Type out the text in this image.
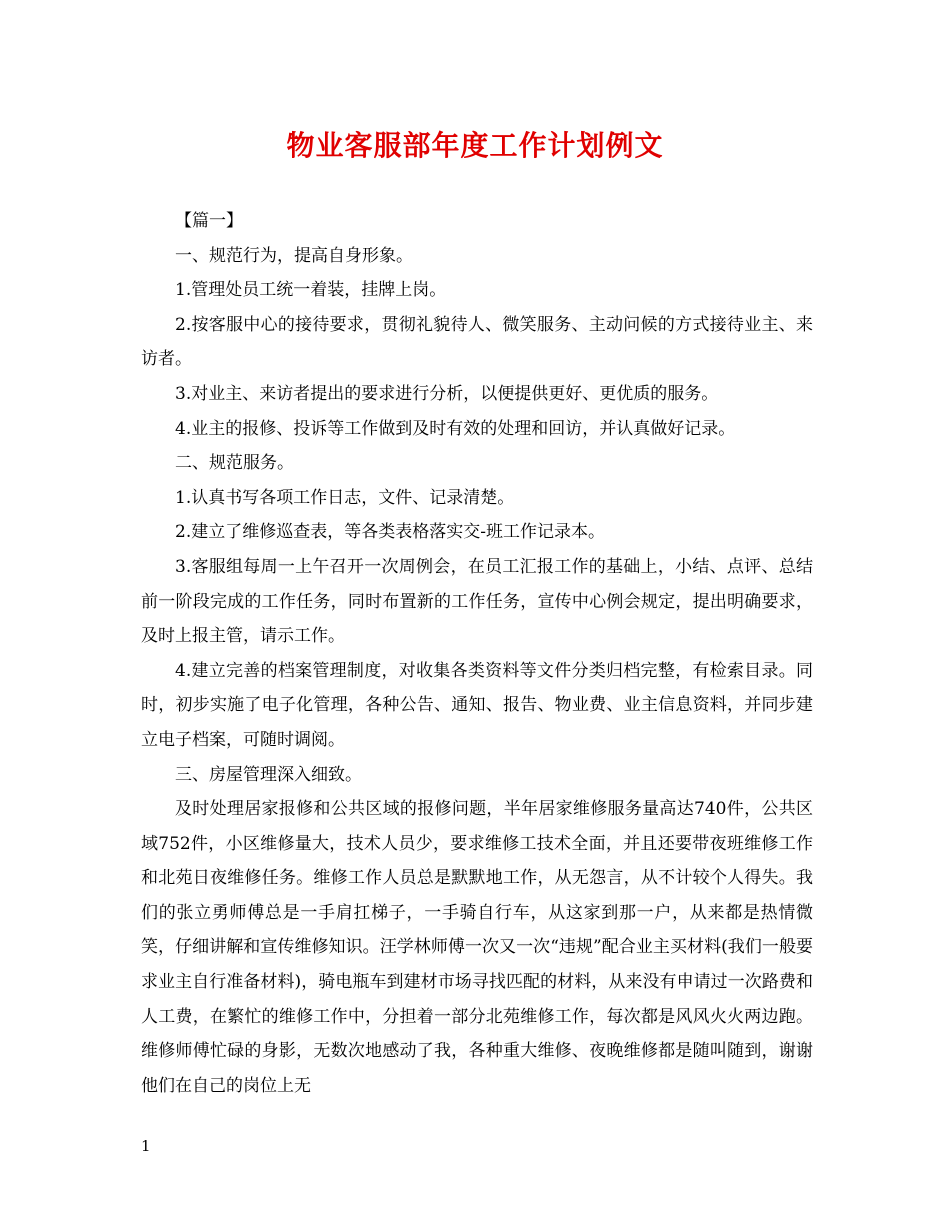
物业客服部年度工作计划例文

【篇一】

一、规范行为，提高自身形象。

1.管理处员工统一着装，挂牌上岗。

2.按客服中心的接待要求，贯彻礼貌待人、微笑服务、主动问候的方式接待业主、来访者。

3.对业主、来访者提出的要求进行分析，以便提供更好、更优质的服务。

4.业主的报修、投诉等工作做到及时有效的处理和回访，并认真做好记录。

二、规范服务。

1.认真书写各项工作日志，文件、记录清楚。

2.建立了维修巡查表，等各类表格落实交-班工作记录本。

3.客服组每周一上午召开一次周例会，在员工汇报工作的基础上，小结、点评、总结前一阶段完成的工作任务，同时布置新的工作任务，宣传中心例会规定，提出明确要求，及时上报主管，请示工作。

4.建立完善的档案管理制度，对收集各类资料等文件分类归档完整，有检索目录。同时，初步实施了电子化管理，各种公告、通知、报告、物业费、业主信息资料，并同步建立电子档案，可随时调阅。

三、房屋管理深入细致。

及时处理居家报修和公共区域的报修问题，半年居家维修服务量高达740件，公共区域752件，小区维修量大，技术人员少，要求维修工技术全面，并且还要带夜班维修工作和北苑日夜维修任务。维修工作人员总是默默地工作，从无怨言，从不计较个人得失。我们的张立勇师傅总是一手肩扛梯子，一手骑自行车，从这家到那一户，从来都是热情微笑，仔细讲解和宣传维修知识。汪学林师傅一次又一次“违规”配合业主买材料(我们一般要求业主自行准备材料)，骑电瓶车到建材市场寻找匹配的材料，从来没有申请过一次路费和人工费，在繁忙的维修工作中，分担着一部分北苑维修工作，每次都是风风火火两边跑。维修师傅忙碌的身影，无数次地感动了我，各种重大维修、夜晚维修都是随叫随到，谢谢他们在自己的岗位上无

1
